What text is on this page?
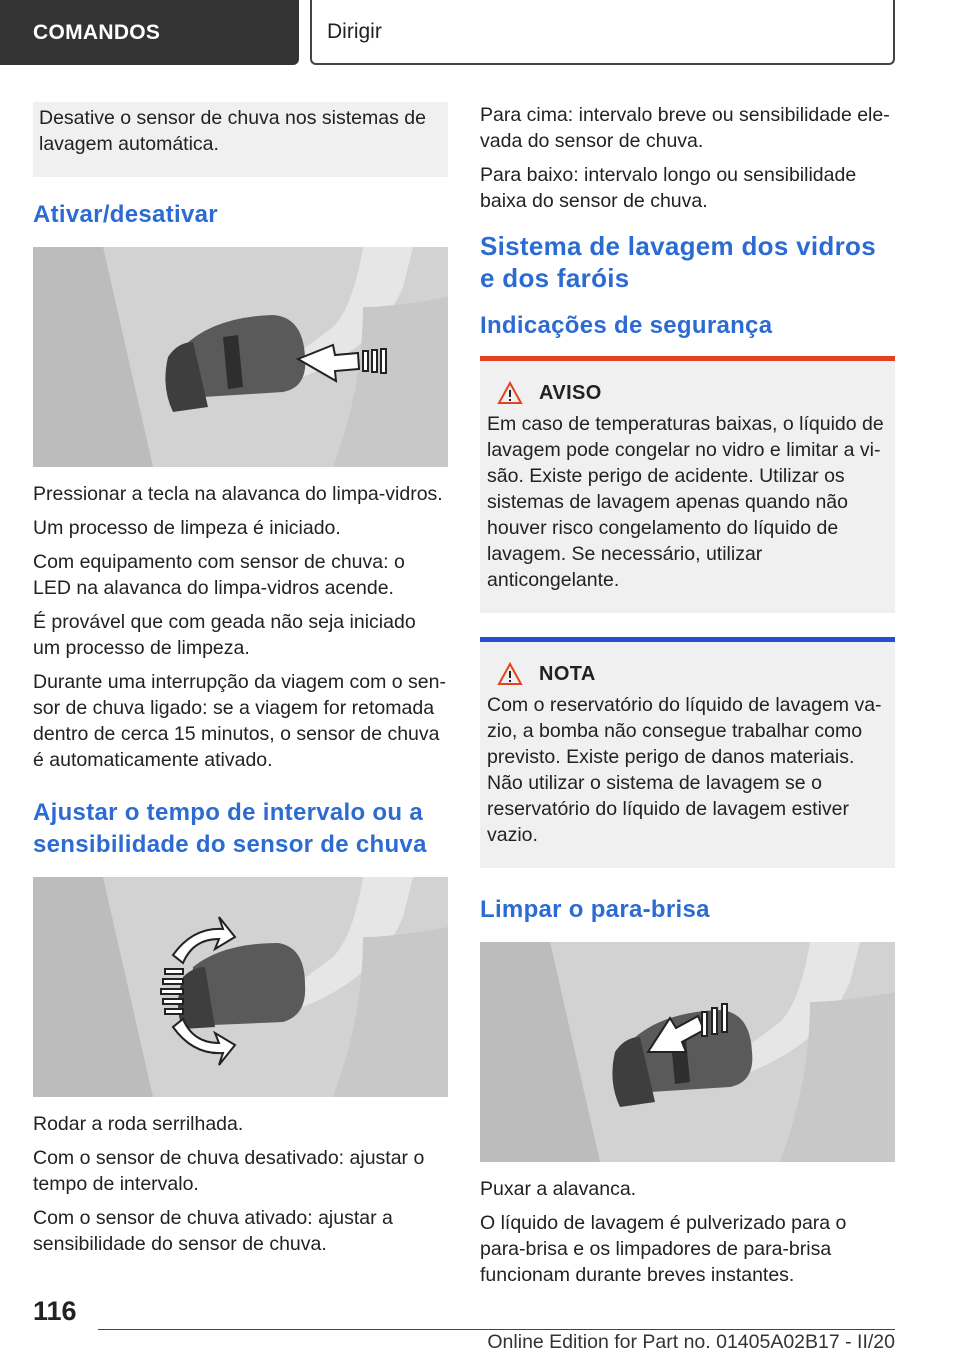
COMANDOS	Dirigir

Desative o sensor de chuva nos sistemas de lavagem automática.

Ativar/desativar

Pressionar a tecla na alavanca do limpa-vidros.

Um processo de limpeza é iniciado.

Com equipamento com sensor de chuva: o LED na alavanca do limpa-vidros acende.

É provável que com geada não seja iniciado um processo de limpeza.

Durante uma interrupção da viagem com o sensor de chuva ligado: se a viagem for retomada dentro de cerca 15 minutos, o sensor de chuva é automaticamente ativado.

Ajustar o tempo de intervalo ou a sensibilidade do sensor de chuva

Rodar a roda serrilhada.

Com o sensor de chuva desativado: ajustar o tempo de intervalo.

Com o sensor de chuva ativado: ajustar a sensibilidade do sensor de chuva.

Para cima: intervalo breve ou sensibilidade elevada do sensor de chuva.

Para baixo: intervalo longo ou sensibilidade baixa do sensor de chuva.

Sistema de lavagem dos vidros e dos faróis
Indicações de segurança
AVISO

Em caso de temperaturas baixas, o líquido de lavagem pode congelar no vidro e limitar a visão. Existe perigo de acidente. Utilizar os sistemas de lavagem apenas quando não houver risco congelamento do líquido de lavagem. Se necessário, utilizar anticongelante.

NOTA

Com o reservatório do líquido de lavagem vazio, a bomba não consegue trabalhar como previsto. Existe perigo de danos materiais. Não utilizar o sistema de lavagem se o reservatório do líquido de lavagem estiver vazio.

Limpar o para-brisa

Puxar a alavanca.

O líquido de lavagem é pulverizado para o para-brisa e os limpadores de para-brisa funcionam durante breves instantes.

116
Online Edition for Part no. 01405A02B17 - II/20
